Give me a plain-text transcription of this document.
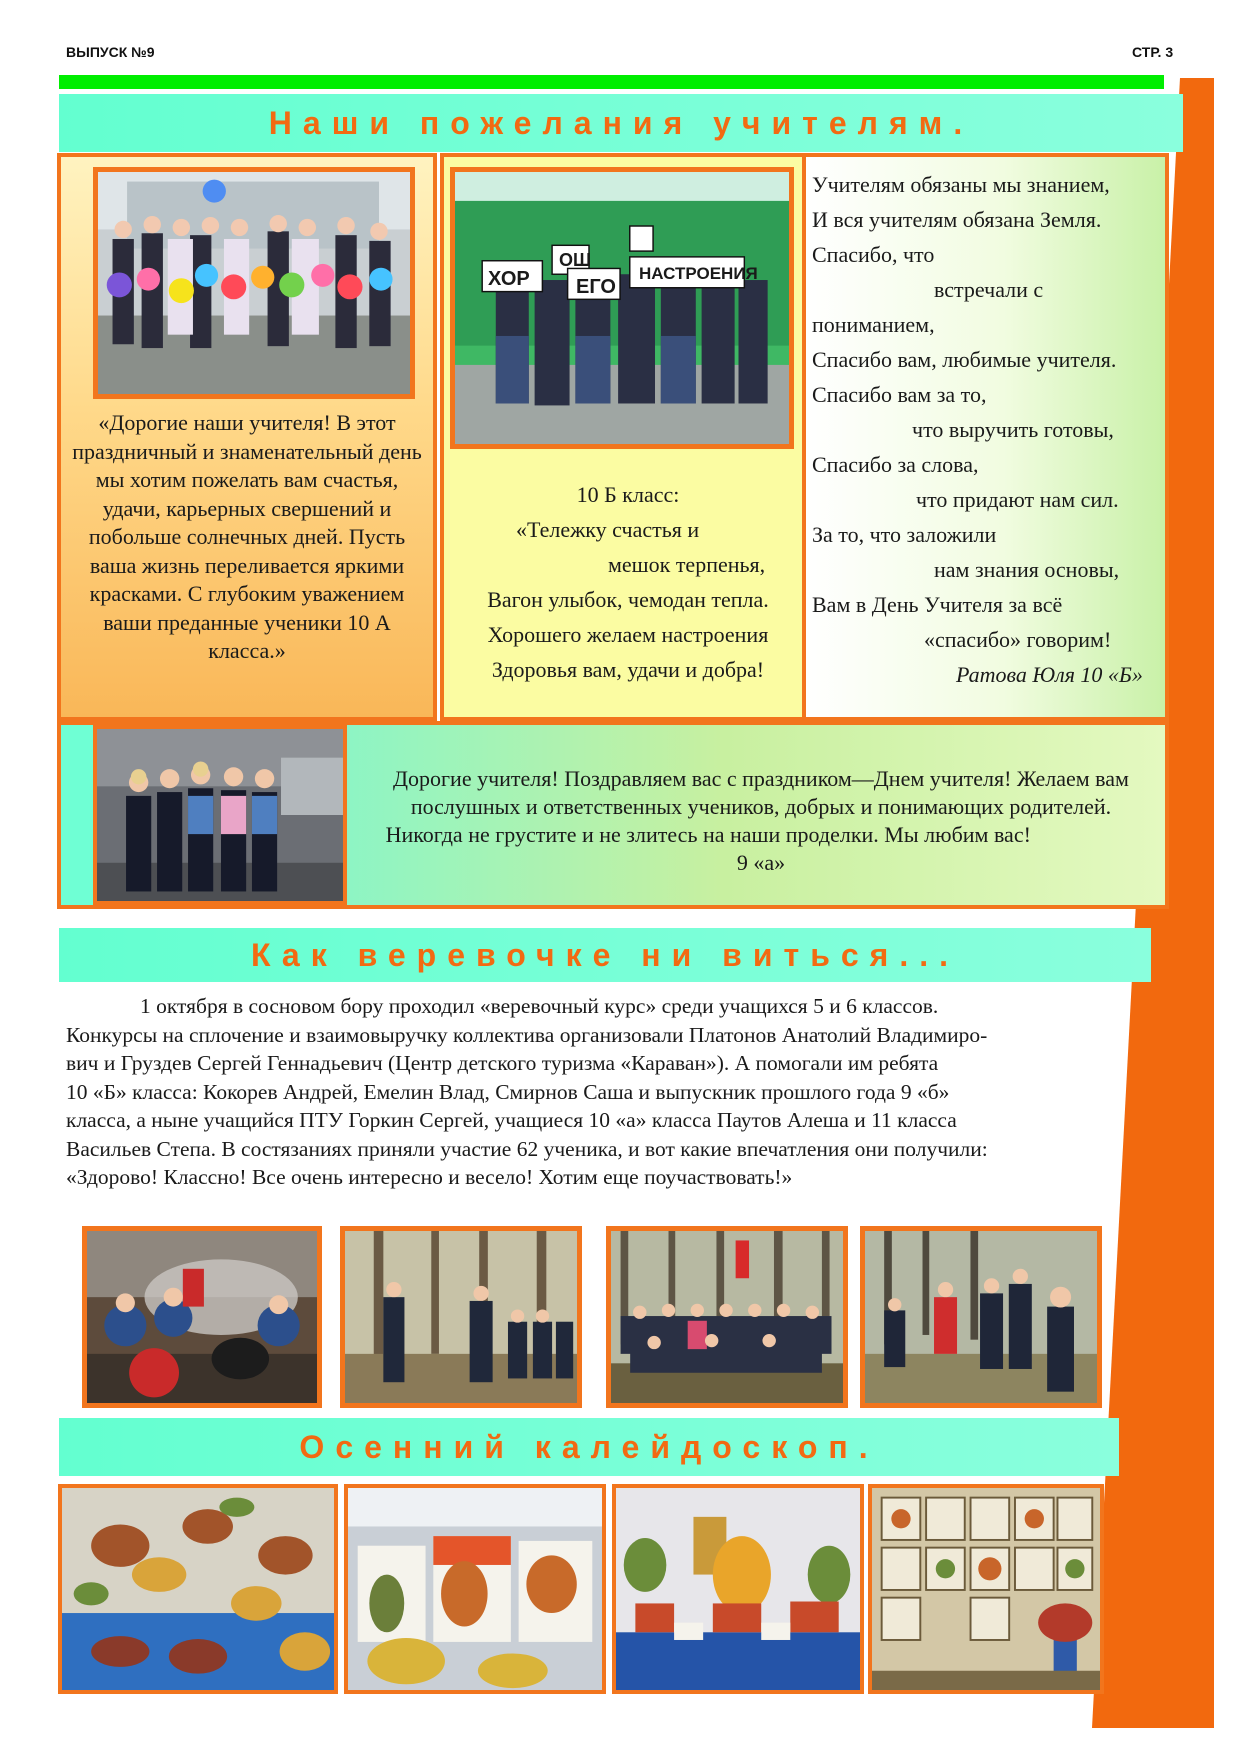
ВЫПУСК №9	СТР. 3
Наши пожелания учителям.
«Дорогие наши учителя! В этот праздничный и знаменательный день мы хотим пожелать вам счастья, удачи, карьерных свершений и побольше солнечных дней. Пусть ваша жизнь переливается яркими красками. С глубоким уважением ваши преданные ученики 10 А класса.»
ХОР
ОШ
ЕГО
НАСТРОЕНИЯ
10 Б класс:
«Тележку счастья и
мешок терпенья,
Вагон улыбок, чемодан тепла.
Хорошего желаем настроения
Здоровья вам, удачи и добра!
Учителям обязаны мы знанием,
И вся учителям обязана Земля.
Спасибо, что
встречали с
пониманием,
Спасибо вам, любимые учителя.
Спасибо вам за то,
что выручить готовы,
Спасибо за слова,
что придают нам сил.
За то, что заложили
нам знания основы,
Вам в День Учителя за всё
«спасибо» говорим!
Ратова Юля 10 «Б»
Дорогие учителя! Поздравляем вас с праздником—Днем учителя! Желаем вам послушных и ответственных учеников, добрых и понимающих родителей. Никогда не грустите и не злитесь на наши проделки. Мы любим вас!  9 «а»
Как веревочке ни виться...
1 октября в сосновом бору проходил «веревочный курс» среди учащихся 5 и 6 классов.
Конкурсы на сплочение и взаимовыручку коллектива организовали Платонов Анатолий Владимиро-
вич и Груздев Сергей Геннадьевич (Центр детского туризма «Караван»). А помогали им ребята
10 «Б» класса: Кокорев Андрей, Емелин Влад, Смирнов Саша и выпускник прошлого года 9 «б»
класса, а ныне учащийся ПТУ Горкин Сергей, учащиеся 10 «а» класса Паутов Алеша и 11 класса
Васильев Степа. В состязаниях приняли участие 62 ученика, и вот какие впечатления они получили:
«Здорово! Классно! Все очень интересно и весело! Хотим еще поучаствовать!»
Осенний калейдоскоп.
